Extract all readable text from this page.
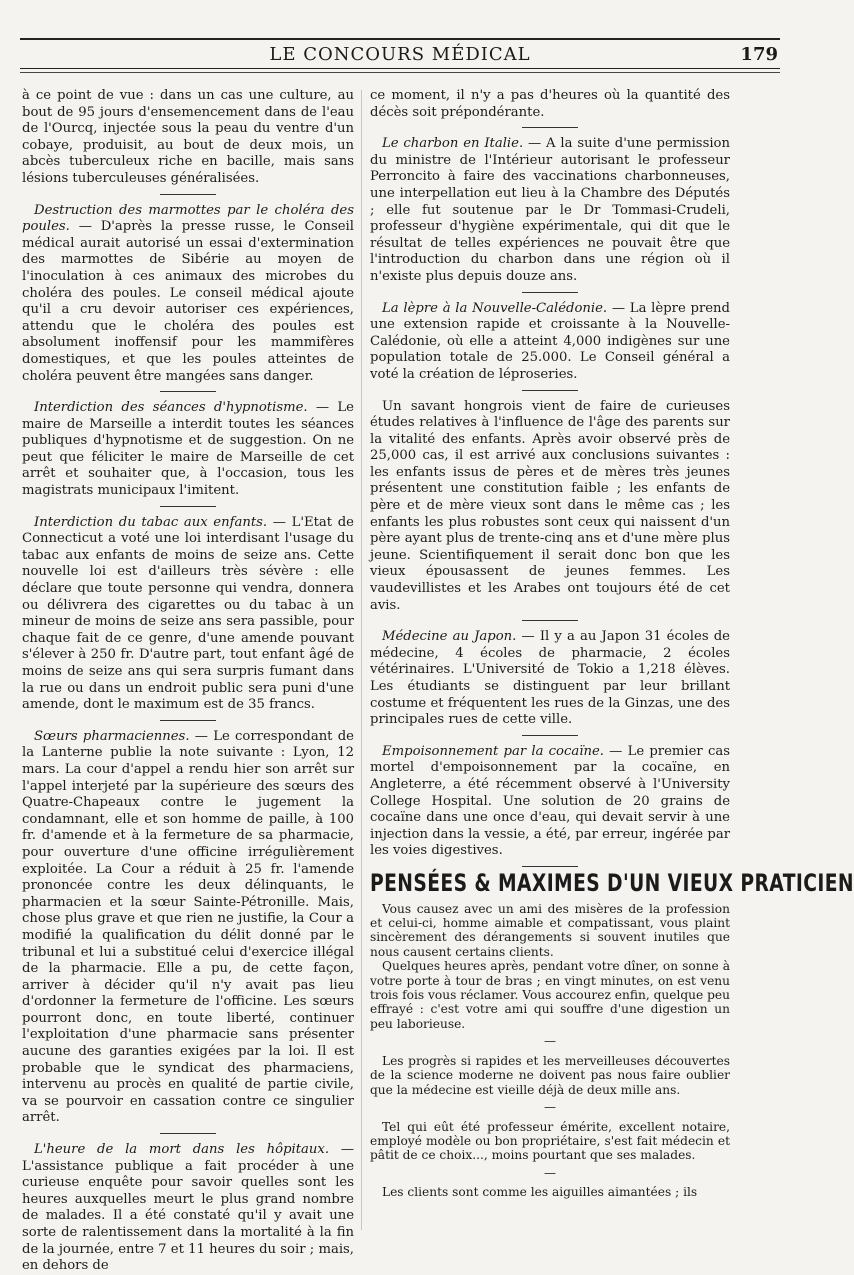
LE CONCOURS MÉDICAL	179

à ce point de vue : dans un cas une culture, au bout de 95 jours d'ensemencement dans de l'eau de l'Ourcq, injectée sous la peau du ventre d'un cobaye, produisit, au bout de deux mois, un abcès tuberculeux riche en bacille, mais sans lésions tuberculeuses généralisées.

Destruction des marmottes par le choléra des poules. — D'après la presse russe, le Conseil médical aurait autorisé un essai d'extermination des marmottes de Sibérie au moyen de l'inoculation à ces animaux des microbes du choléra des poules. Le conseil médical ajoute qu'il a cru devoir autoriser ces expériences, attendu que le choléra des poules est absolument inoffensif pour les mammifères domestiques, et que les poules atteintes de choléra peuvent être mangées sans danger.

Interdiction des séances d'hypnotisme. — Le maire de Marseille a interdit toutes les séances publiques d'hypnotisme et de suggestion. On ne peut que féliciter le maire de Marseille de cet arrêt et souhaiter que, à l'occasion, tous les magistrats municipaux l'imitent.

Interdiction du tabac aux enfants. — L'Etat de Connecticut a voté une loi interdisant l'usage du tabac aux enfants de moins de seize ans. Cette nouvelle loi est d'ailleurs très sévère : elle déclare que toute personne qui vendra, donnera ou délivrera des cigarettes ou du tabac à un mineur de moins de seize ans sera passible, pour chaque fait de ce genre, d'une amende pouvant s'élever à 250 fr. D'autre part, tout enfant âgé de moins de seize ans qui sera surpris fumant dans la rue ou dans un endroit public sera puni d'une amende, dont le maximum est de 35 francs.

Sœurs pharmaciennes. — Le correspondant de la Lanterne publie la note suivante : Lyon, 12 mars. La cour d'appel a rendu hier son arrêt sur l'appel interjeté par la supérieure des sœurs des Quatre-Chapeaux contre le jugement la condamnant, elle et son homme de paille, à 100 fr. d'amende et à la fermeture de sa pharmacie, pour ouverture d'une officine irrégulièrement exploitée. La Cour a réduit à 25 fr. l'amende prononcée contre les deux délinquants, le pharmacien et la sœur Sainte-Pétronille. Mais, chose plus grave et que rien ne justifie, la Cour a modifié la qualification du délit donné par le tribunal et lui a substitué celui d'exercice illégal de la pharmacie. Elle a pu, de cette façon, arriver à décider qu'il n'y avait pas lieu d'ordonner la fermeture de l'officine. Les sœurs pourront donc, en toute liberté, continuer l'exploitation d'une pharmacie sans présenter aucune des garanties exigées par la loi. Il est probable que le syndicat des pharmaciens, intervenu au procès en qualité de partie civile, va se pourvoir en cassation contre ce singulier arrêt.

L'heure de la mort dans les hôpitaux. — L'assistance publique a fait procéder à une curieuse enquête pour savoir quelles sont les heures auxquelles meurt le plus grand nombre de malades. Il a été constaté qu'il y avait une sorte de ralentissement dans la mortalité à la fin de la journée, entre 7 et 11 heures du soir ; mais, en dehors de

ce moment, il n'y a pas d'heures où la quantité des décès soit prépondérante.

Le charbon en Italie. — A la suite d'une permission du ministre de l'Intérieur autorisant le professeur Perroncito à faire des vaccinations charbonneuses, une interpellation eut lieu à la Chambre des Députés ; elle fut soutenue par le Dr Tommasi-Crudeli, professeur d'hygiène expérimentale, qui dit que le résultat de telles expériences ne pouvait être que l'introduction du charbon dans une région où il n'existe plus depuis douze ans.

La lèpre à la Nouvelle-Calédonie. — La lèpre prend une extension rapide et croissante à la Nouvelle-Calédonie, où elle a atteint 4,000 indigènes sur une population totale de 25.000. Le Conseil général a voté la création de léproseries.

Un savant hongrois vient de faire de curieuses études relatives à l'influence de l'âge des parents sur la vitalité des enfants. Après avoir observé près de 25,000 cas, il est arrivé aux conclusions suivantes : les enfants issus de pères et de mères très jeunes présentent une constitution faible ; les enfants de père et de mère vieux sont dans le même cas ; les enfants les plus robustes sont ceux qui naissent d'un père ayant plus de trente-cinq ans et d'une mère plus jeune. Scientifiquement il serait donc bon que les vieux épousassent de jeunes femmes. Les vaudevillistes et les Arabes ont toujours été de cet avis.

Médecine au Japon. — Il y a au Japon 31 écoles de médecine, 4 écoles de pharmacie, 2 écoles vétérinaires. L'Université de Tokio a 1,218 élèves. Les étudiants se distinguent par leur brillant costume et fréquentent les rues de la Ginzas, une des principales rues de cette ville.

Empoisonnement par la cocaïne. — Le premier cas mortel d'empoisonnement par la cocaïne, en Angleterre, a été récemment observé à l'University College Hospital. Une solution de 20 grains de cocaïne dans une once d'eau, qui devait servir à une injection dans la vessie, a été, par erreur, ingérée par les voies digestives.

PENSÉES & MAXIMES D'UN VIEUX PRATICIEN

Vous causez avec un ami des misères de la profession et celui-ci, homme aimable et compatissant, vous plaint sincèrement des dérangements si souvent inutiles que nous causent certains clients.

Quelques heures après, pendant votre dîner, on sonne à votre porte à tour de bras ; en vingt minutes, on est venu trois fois vous réclamer. Vous accourez enfin, quelque peu effrayé : c'est votre ami qui souffre d'une digestion un peu laborieuse.

—

Les progrès si rapides et les merveilleuses découvertes de la science moderne ne doivent pas nous faire oublier que la médecine est vieille déjà de deux mille ans.

—

Tel qui eût été professeur émérite, excellent notaire, employé modèle ou bon propriétaire, s'est fait médecin et pâtit de ce choix..., moins pourtant que ses malades.

—

Les clients sont comme les aiguilles aimantées ; ils
